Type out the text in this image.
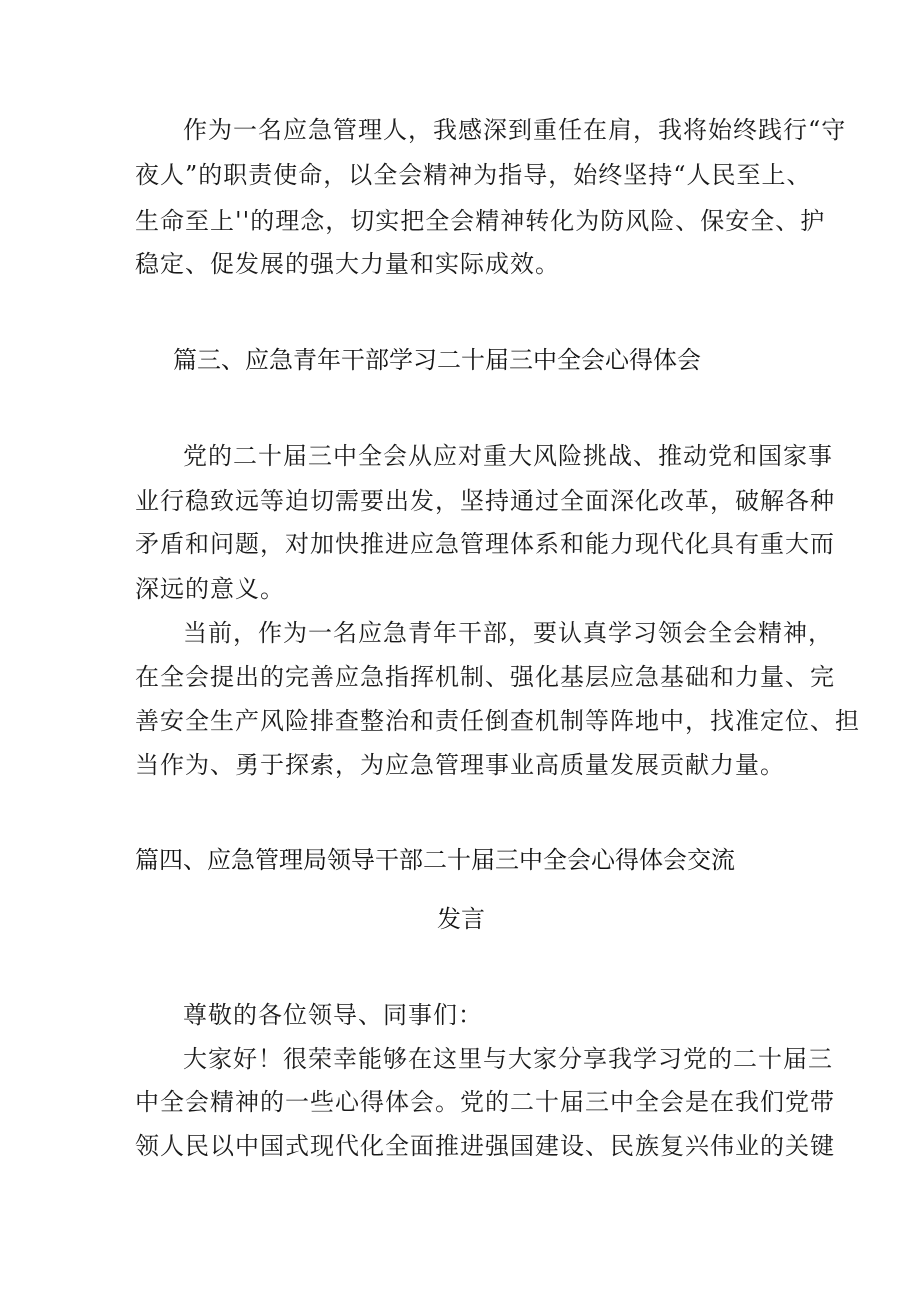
作为一名应急管理人，我感深到重任在肩，我将始终践行“守
夜人”的职责使命，以全会精神为指导，始终坚持“人民至上、
生命至上''的理念，切实把全会精神转化为防风险、保安全、护
稳定、促发展的强大力量和实际成效。
篇三、应急青年干部学习二十届三中全会心得体会
党的二十届三中全会从应对重大风险挑战、推动党和国家事
业行稳致远等迫切需要出发，坚持通过全面深化改革，破解各种
矛盾和问题，对加快推进应急管理体系和能力现代化具有重大而
深远的意义。
当前，作为一名应急青年干部，要认真学习领会全会精神，
在全会提出的完善应急指挥机制、强化基层应急基础和力量、完
善安全生产风险排查整治和责任倒查机制等阵地中，找准定位、担
当作为、勇于探索，为应急管理事业高质量发展贡献力量。
篇四、应急管理局领导干部二十届三中全会心得体会交流
发言
尊敬的各位领导、同事们：
大家好！很荣幸能够在这里与大家分享我学习党的二十届三
中全会精神的一些心得体会。党的二十届三中全会是在我们党带
领人民以中国式现代化全面推进强国建设、民族复兴伟业的关键
